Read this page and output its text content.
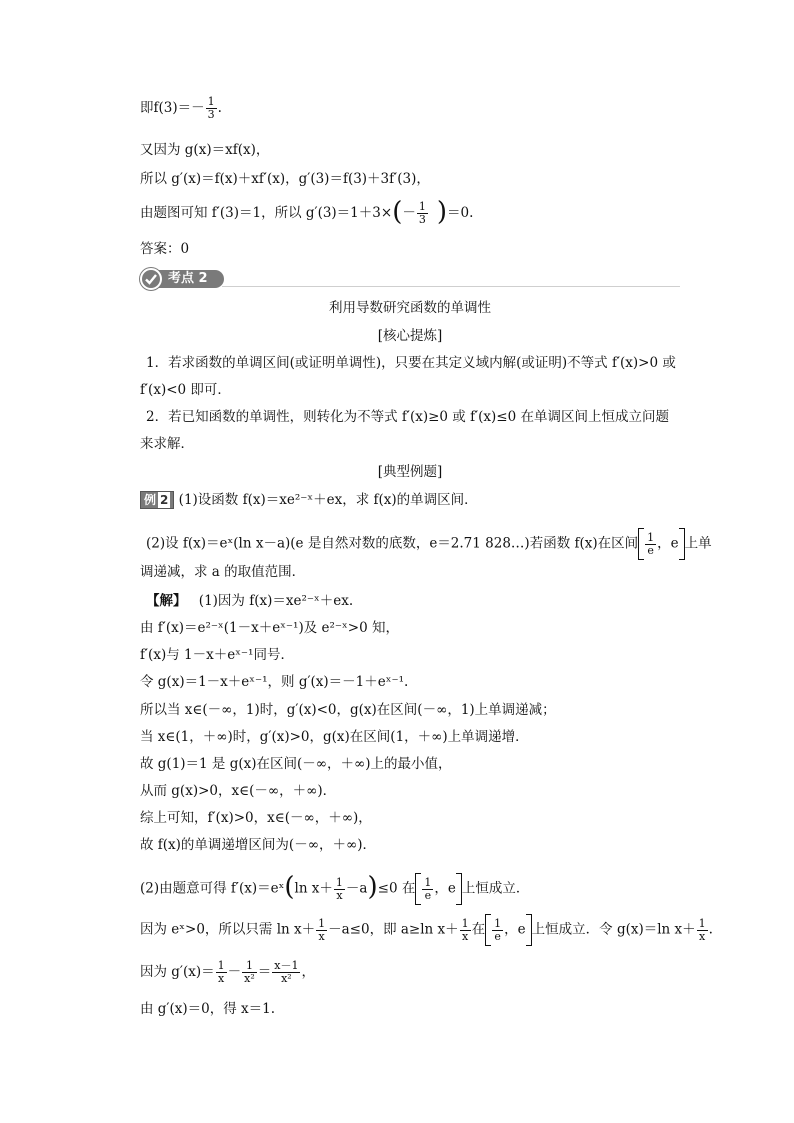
即$f(3)=- \frac{1}{3}$ .
又因为 g(x)＝xf(x)，
所以 g′(x)＝f(x)＋xf′(x)，g′(3)＝f(3)＋3f′(3)，
由题图可知 f′(3)＝1，所以 $g'(3)=1+3\times(- \frac{1}{3} )=0$.
答案：0
考点 2
利用导数研究函数的单调性
[核心提炼]
1．若求函数的单调区间(或证明单调性)，只要在其定义域内解(或证明)不等式 f′(x)>0 或
f′(x)<0 即可．
2．若已知函数的单调性，则转化为不等式 f′(x)≥0 或 f′(x)≤0 在单调区间上恒成立问题
来求解．
[典型例题]
例 2 (1)设函数 f(x)＝xe²⁻ˣ＋ex，求 f(x)的单调区间．
(2)设 f(x)＝eˣ(ln x－a)(e 是自然对数的底数，e＝2.71 828…)若函数 f(x)在区间 $\frac{1}{e}$ ，e 上单
调递减，求 a 的取值范围．
【解】 (1)因为 f(x)＝xe²⁻ˣ＋ex.
由 f′(x)＝e²⁻ˣ(1－x＋eˣ⁻¹)及 e²⁻ˣ>0 知，
f′(x)与 1－x＋eˣ⁻¹同号．
令 g(x)＝1－x＋eˣ⁻¹，则 g′(x)＝－1＋eˣ⁻¹.
所以当 x∈(－∞，1)时，g′(x)<0，g(x)在区间(－∞，1)上单调递减；
当 x∈(1，＋∞)时，g′(x)>0，g(x)在区间(1，＋∞)上单调递增．
故 g(1)＝1 是 g(x)在区间(－∞，＋∞)上的最小值，
从而 g(x)>0，x∈(－∞，＋∞)．
综上可知，f′(x)>0，x∈(－∞，＋∞)，
故 f(x)的单调递增区间为(－∞，＋∞)．
(2)由题意可得 f′(x)＝eˣ(ln $x+ \frac{1}{x} -a)\le 0$ 在 $\frac{1}{e}$ ，e 上恒成立．
因为 eˣ>0，所以只需 $\ln x+ \frac{1}{x} -a\le 0$，即 a≥ln $x+ \frac{1}{x}$ 在 $\frac{1}{e}$ ，e 上恒成立．令 g(x)＝ln $x+ \frac{1}{x}$ .
因为 $g'(x)= \frac{1}{x} - \frac{1}{\text{x²}} = \frac{x-1}{\text{x²}}$ ，
由 g′(x)＝0，得 x＝1.
